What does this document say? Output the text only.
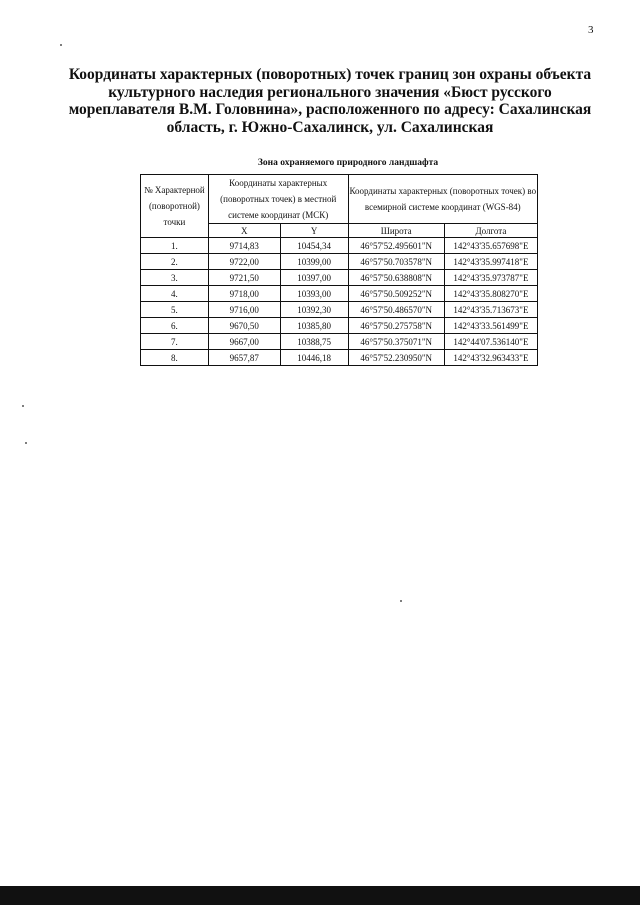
3
Координаты характерных (поворотных) точек границ зон охраны объекта культурного наследия регионального значения «Бюст русского мореплавателя В.М. Головнина», расположенного по адресу: Сахалинская область, г. Южно-Сахалинск, ул. Сахалинская
Зона охраняемого природного ландшафта
№ Характерной (поворотной) точки	Координаты характерных (поворотных точек) в местной системе координат (МСК)		Координаты характерных (поворотных точек) во всемирной системе координат (WGS-84)	
	X	Y	Широта	Долгота
1.	9714,83	10454,34	46°57'52.495601"N	142°43'35.657698"E
2.	9722,00	10399,00	46°57'50.703578"N	142°43'35.997418"E
3.	9721,50	10397,00	46°57'50.638808"N	142°43'35.973787"E
4.	9718,00	10393,00	46°57'50.509252"N	142°43'35.808270"E
5.	9716,00	10392,30	46°57'50.486570"N	142°43'35.713673"E
6.	9670,50	10385,80	46°57'50.275758"N	142°43'33.561499"E
7.	9667,00	10388,75	46°57'50.375071"N	142°44'07.536140"E
8.	9657,87	10446,18	46°57'52.230950"N	142°43'32.963433"E
